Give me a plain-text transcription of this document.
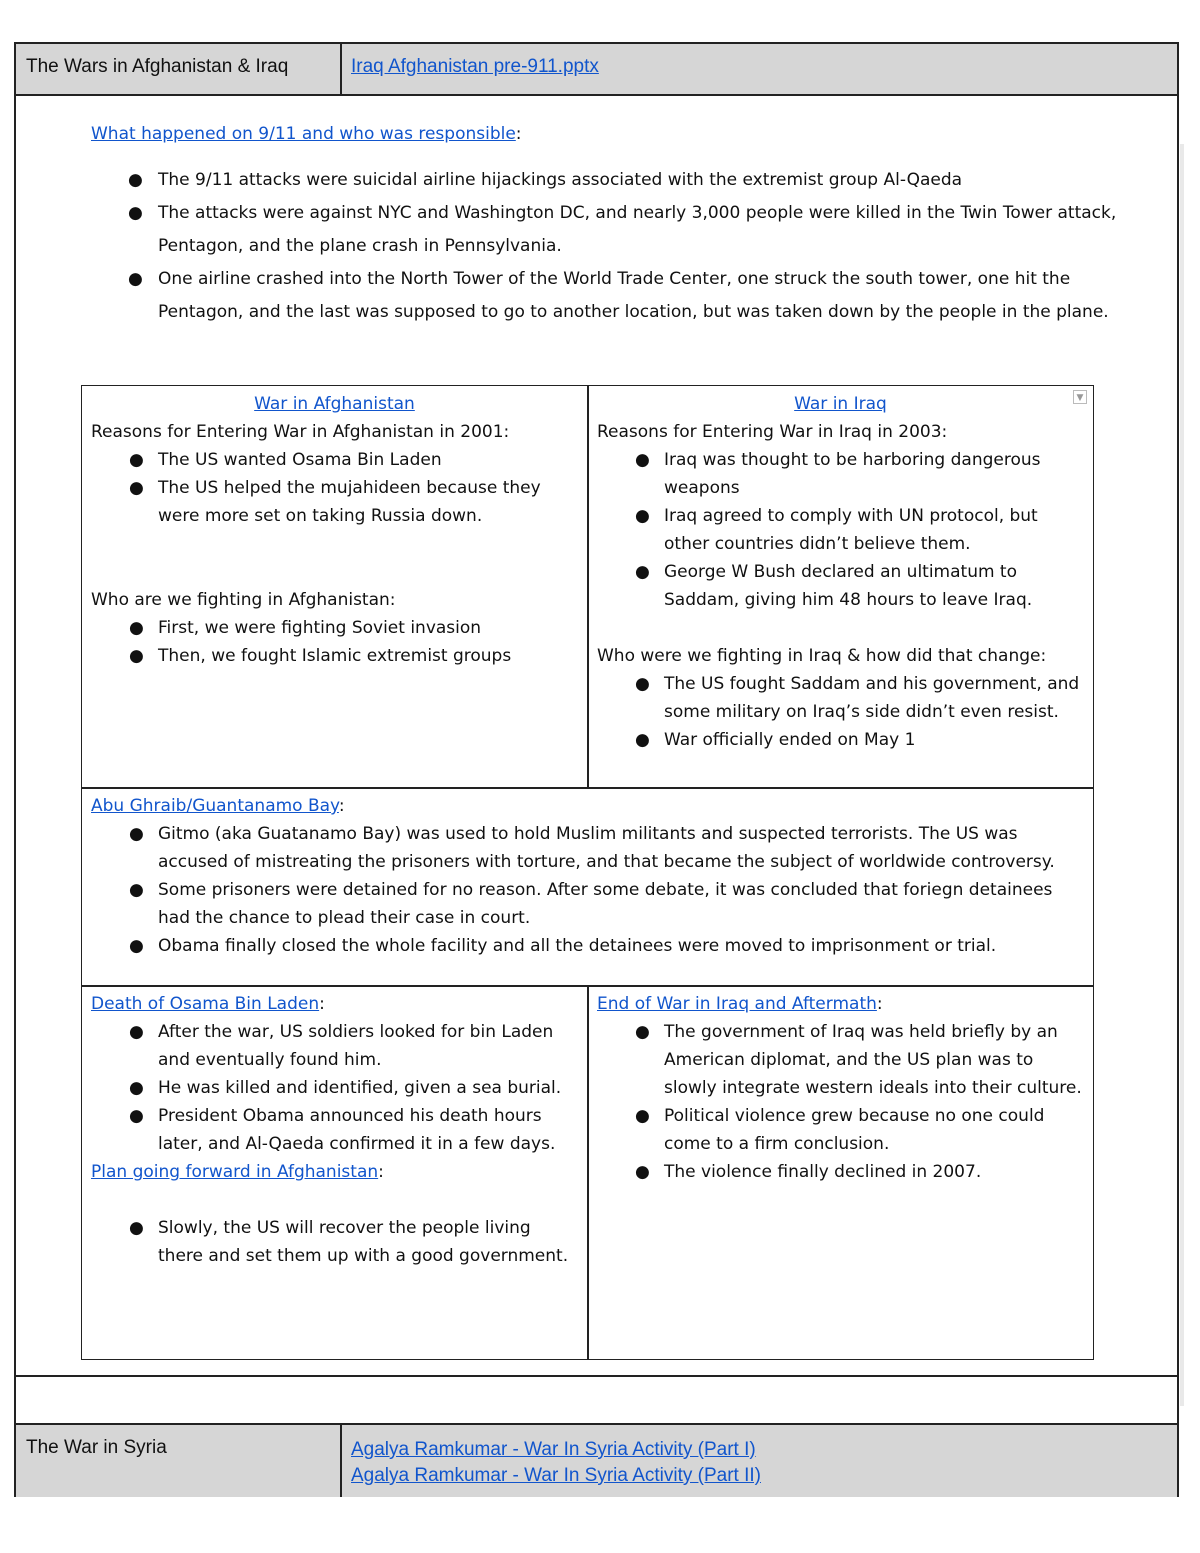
The Wars in Afghanistan & Iraq	Iraq Afghanistan pre-911.pptx
What happened on 9/11 and who was responsible:
● The 9/11 attacks were suicidal airline hijackings associated with the extremist group Al-Qaeda
● The attacks were against NYC and Washington DC, and nearly 3,000 people were killed in the Twin Tower attack, Pentagon, and the plane crash in Pennsylvania.
● One airline crashed into the North Tower of the World Trade Center, one struck the south tower, one hit the Pentagon, and the last was supposed to go to another location, but was taken down by the people in the plane.
War in Afghanistan
Reasons for Entering War in Afghanistan in 2001:
● The US wanted Osama Bin Laden
● The US helped the mujahideen because they were more set on taking Russia down.
Who are we fighting in Afghanistan:
● First, we were fighting Soviet invasion
● Then, we fought Islamic extremist groups
▼
War in Iraq
Reasons for Entering War in Iraq in 2003:
● Iraq was thought to be harboring dangerous weapons
● Iraq agreed to comply with UN protocol, but other countries didn’t believe them.
● George W Bush declared an ultimatum to Saddam, giving him 48 hours to leave Iraq.
Who were we fighting in Iraq & how did that change:
● The US fought Saddam and his government, and some military on Iraq’s side didn’t even resist.
● War officially ended on May 1
Abu Ghraib/Guantanamo Bay:
● Gitmo (aka Guatanamo Bay) was used to hold Muslim militants and suspected terrorists. The US was accused of mistreating the prisoners with torture, and that became the subject of worldwide controversy.
● Some prisoners were detained for no reason. After some debate, it was concluded that foriegn detainees had the chance to plead their case in court.
● Obama finally closed the whole facility and all the detainees were moved to imprisonment or trial.
Death of Osama Bin Laden:
● After the war, US soldiers looked for bin Laden and eventually found him.
● He was killed and identified, given a sea burial.
● President Obama announced his death hours later, and Al-Qaeda confirmed it in a few days.
Plan going forward in Afghanistan:
● Slowly, the US will recover the people living there and set them up with a good government.
End of War in Iraq and Aftermath:
● The government of Iraq was held briefly by an American diplomat, and the US plan was to slowly integrate western ideals into their culture.
● Political violence grew because no one could come to a firm conclusion.
● The violence finally declined in 2007.
The War in Syria	Agalya Ramkumar - War In Syria Activity (Part I)
Agalya Ramkumar - War In Syria Activity (Part II)
